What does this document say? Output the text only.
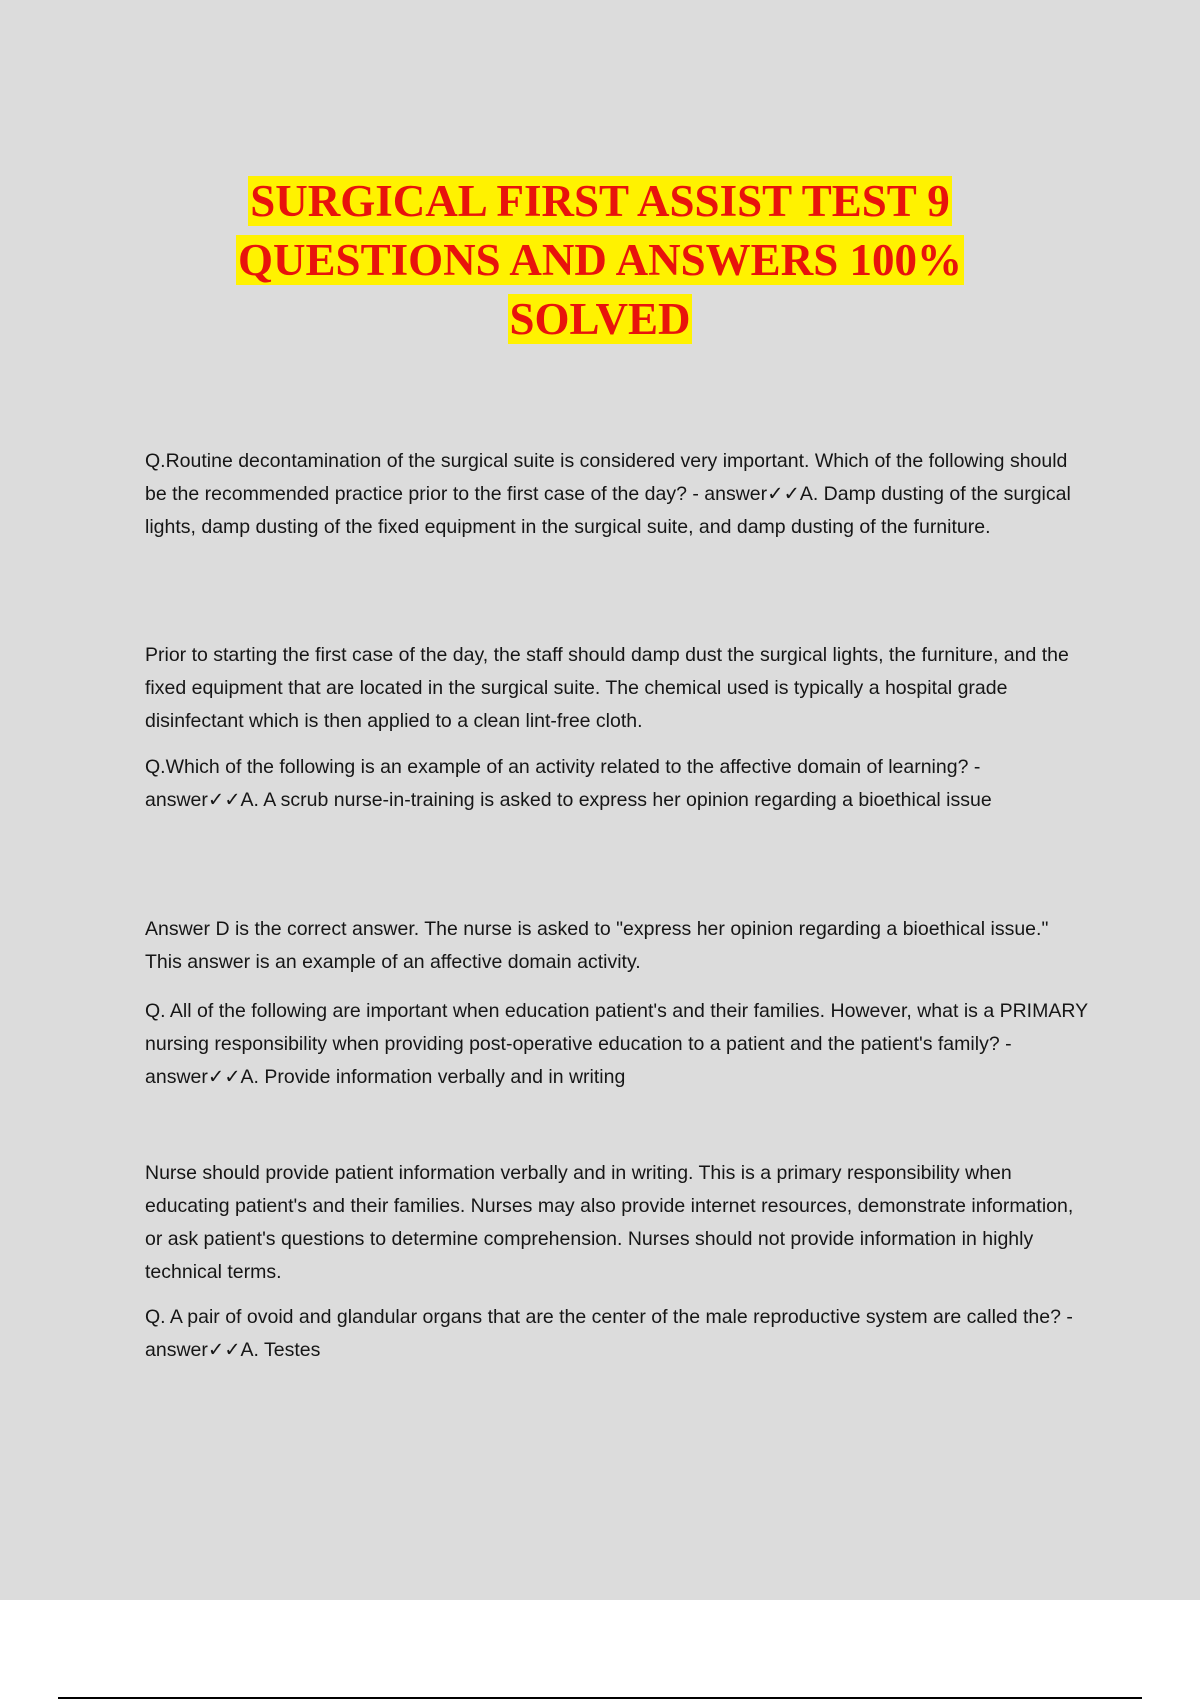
SURGICAL FIRST ASSIST TEST 9
QUESTIONS AND ANSWERS 100%
SOLVED

Q.Routine decontamination of the surgical suite is considered very important. Which of the following should be the recommended practice prior to the first case of the day? - answer✓✓A. Damp dusting of the surgical lights, damp dusting of the fixed equipment in the surgical suite, and damp dusting of the furniture.

Prior to starting the first case of the day, the staff should damp dust the surgical lights, the furniture, and the fixed equipment that are located in the surgical suite. The chemical used is typically a hospital grade disinfectant which is then applied to a clean lint-free cloth.

Q.Which of the following is an example of an activity related to the affective domain of learning? - answer✓✓A. A scrub nurse-in-training is asked to express her opinion regarding a bioethical issue

Answer D is the correct answer. The nurse is asked to "express her opinion regarding a bioethical issue." This answer is an example of an affective domain activity.

Q. All of the following are important when education patient's and their families. However, what is a PRIMARY nursing responsibility when providing post-operative education to a patient and the patient's family? - answer✓✓A. Provide information verbally and in writing

Nurse should provide patient information verbally and in writing. This is a primary responsibility when educating patient's and their families. Nurses may also provide internet resources, demonstrate information, or ask patient's questions to determine comprehension. Nurses should not provide information in highly technical terms.

Q. A pair of ovoid and glandular organs that are the center of the male reproductive system are called the? - answer✓✓A. Testes
